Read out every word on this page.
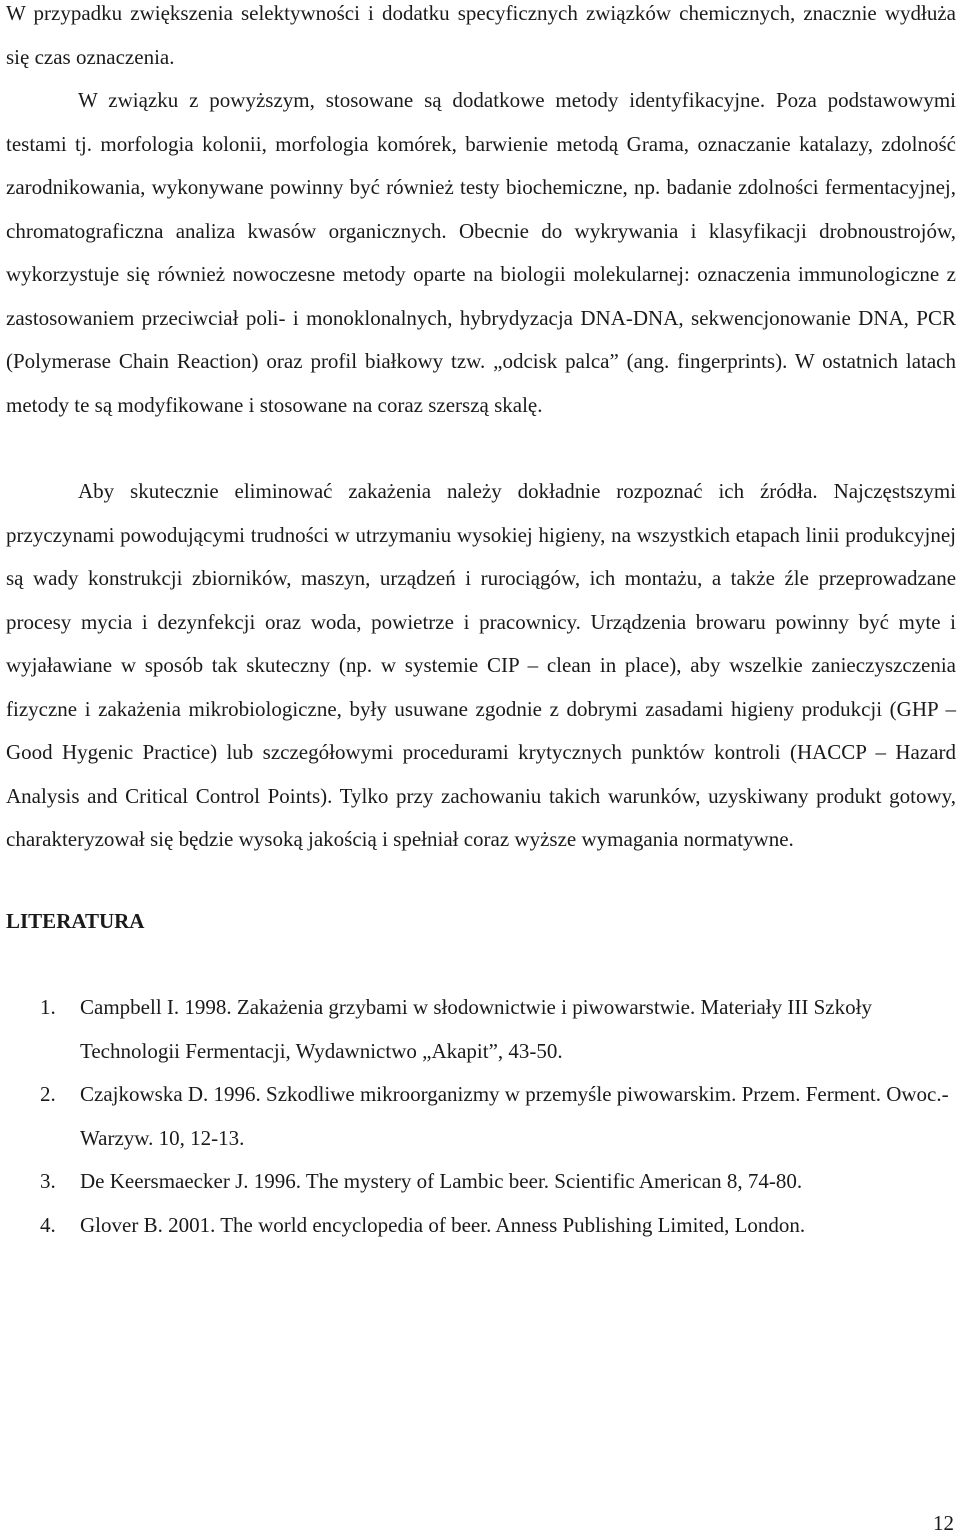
W przypadku zwiększenia selektywności i dodatku specyficznych związków chemicznych, znacznie wydłuża się czas oznaczenia.

W związku z powyższym, stosowane są dodatkowe metody identyfikacyjne. Poza podstawowymi testami tj. morfologia kolonii, morfologia komórek, barwienie metodą Grama, oznaczanie katalazy, zdolność zarodnikowania, wykonywane powinny być również testy biochemiczne, np. badanie zdolności fermentacyjnej, chromatograficzna analiza kwasów organicznych. Obecnie do wykrywania i klasyfikacji drobnoustrojów, wykorzystuje się również nowoczesne metody oparte na biologii molekularnej: oznaczenia immunologiczne z zastosowaniem przeciwciał poli- i monoklonalnych, hybrydyzacja DNA-DNA, sekwencjonowanie DNA, PCR (Polymerase Chain Reaction) oraz profil białkowy tzw. „odcisk palca” (ang. fingerprints). W ostatnich latach metody te są modyfikowane i stosowane na coraz szerszą skalę.

Aby skutecznie eliminować zakażenia należy dokładnie rozpoznać ich źródła. Najczęstszymi przyczynami powodującymi trudności w utrzymaniu wysokiej higieny, na wszystkich etapach linii produkcyjnej są wady konstrukcji zbiorników, maszyn, urządzeń i rurociągów, ich montażu, a także źle przeprowadzane procesy mycia i dezynfekcji oraz woda, powietrze i pracownicy. Urządzenia browaru powinny być myte i wyjaławiane w sposób tak skuteczny (np. w systemie CIP – clean in place), aby wszelkie zanieczyszczenia fizyczne i zakażenia mikrobiologiczne, były usuwane zgodnie z dobrymi zasadami higieny produkcji (GHP – Good Hygenic Practice) lub szczegółowymi procedurami krytycznych punktów kontroli (HACCP – Hazard Analysis and Critical Control Points). Tylko przy zachowaniu takich warunków, uzyskiwany produkt gotowy, charakteryzował się będzie wysoką jakością i spełniał coraz wyższe wymagania normatywne.

LITERATURA
1. Campbell I. 1998. Zakażenia grzybami w słodownictwie i piwowarstwie. Materiały III Szkoły Technologii Fermentacji, Wydawnictwo „Akapit”, 43-50.
2. Czajkowska D. 1996. Szkodliwe mikroorganizmy w przemyśle piwowarskim. Przem. Ferment. Owoc.-Warzyw. 10, 12-13.
3. De Keersmaecker J. 1996. The mystery of Lambic beer. Scientific American 8, 74-80.
4. Glover B. 2001. The world encyclopedia of beer. Anness Publishing Limited, London.
12
